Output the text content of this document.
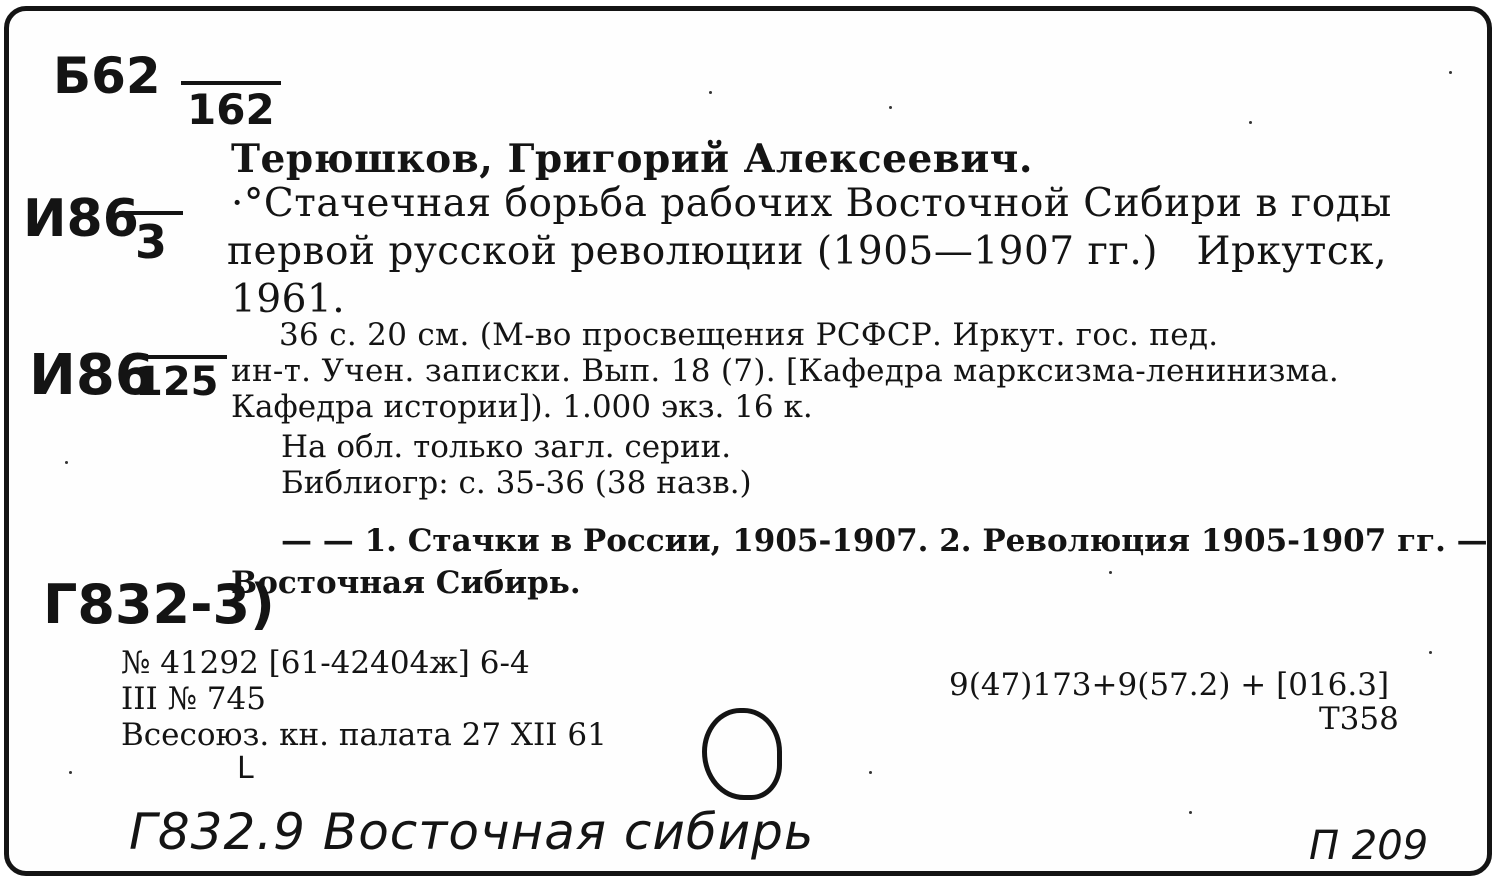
Б62
162
И86
3
И86
125
Г832-3)
Терюшков, Григорий Алексеевич.
·°Стачечная борьба рабочих Восточной Сибири в годы
первой русской революции (1905—1907 гг.) Иркутск,
1961.
36 с. 20 см. (М-во просвещения РСФСР. Иркут. гос. пед.
ин-т. Учен. записки. Вып. 18 (7). [Кафедра марксизма-ленинизма.
Кафедра истории]). 1.000 экз. 16 к.
На обл. только загл. серии.
Библиогр: с. 35-36 (38 назв.)
— — 1. Стачки в России, 1905-1907. 2. Революция 1905-1907 гг. —
Восточная Сибирь.
№ 41292 [61-42404ж] 6-4
III № 745
Всесоюз. кн. палата 27 XII 61
9(47)173+9(57.2) + [016.3]
Т358
L
Г832.9 Восточная сибирь	П 209
